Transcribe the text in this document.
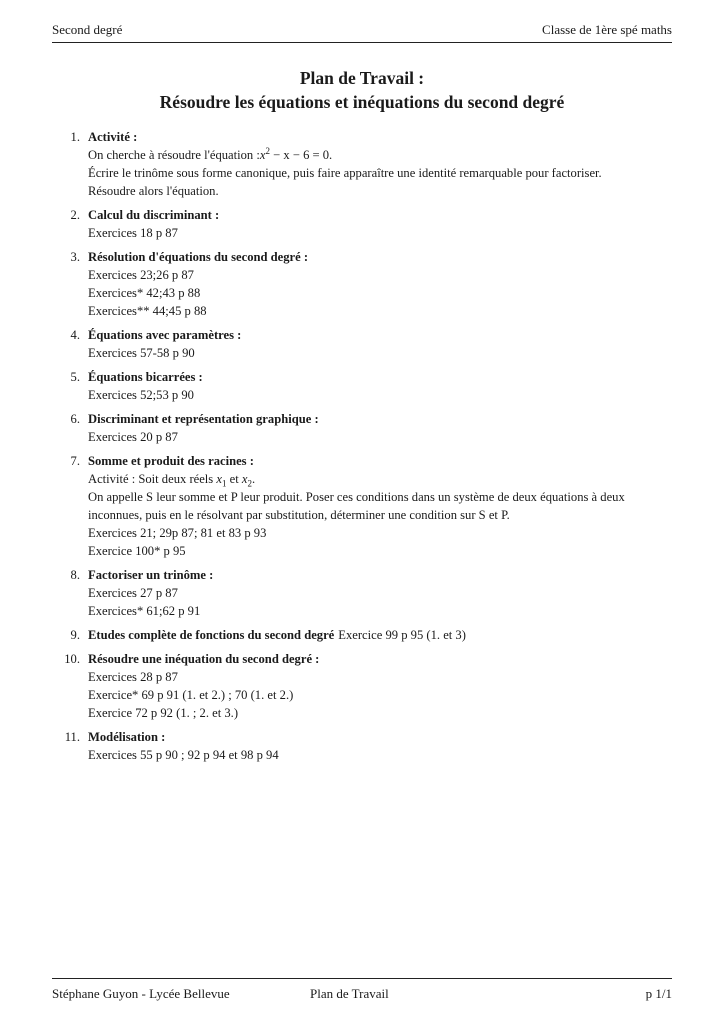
Second degré	Classe de 1ère spé maths
Plan de Travail :
Résoudre les équations et inéquations du second degré
1. Activité :
On cherche à résoudre l'équation $:x^2 - x - 6 = 0$.
Écrire le trinôme sous forme canonique, puis faire apparaître une identité remarquable pour factoriser.
Résoudre alors l'équation.
2. Calcul du discriminant :
Exercices 18 p 87
3. Résolution d'équations du second degré :
Exercices 23;26 p 87
Exercices* 42;43 p 88
Exercices** 44;45 p 88
4. Équations avec paramètres :
Exercices 57-58 p 90
5. Équations bicarrées :
Exercices 52;53 p 90
6. Discriminant et représentation graphique :
Exercices 20 p 87
7. Somme et produit des racines :
Activité : Soit deux réels $x_1$ et $x_2$.
On appelle S leur somme et P leur produit. Poser ces conditions dans un système de deux équations à deux inconnues, puis en le résolvant par substitution, déterminer une condition sur S et P.
Exercices 21; 29p 87; 81 et 83 p 93
Exercice 100* p 95
8. Factoriser un trinôme :
Exercices 27 p 87
Exercices* 61;62 p 91
9. Etudes complète de fonctions du second degré Exercice 99 p 95 (1. et 3)
10. Résoudre une inéquation du second degré :
Exercices 28 p 87
Exercice* 69 p 91 (1. et 2.) ; 70 (1. et 2.)
Exercice 72 p 92 (1. ; 2. et 3.)
11. Modélisation :
Exercices 55 p 90 ; 92 p 94 et 98 p 94
Stéphane Guyon - Lycée Bellevue	Plan de Travail	p 1/1
